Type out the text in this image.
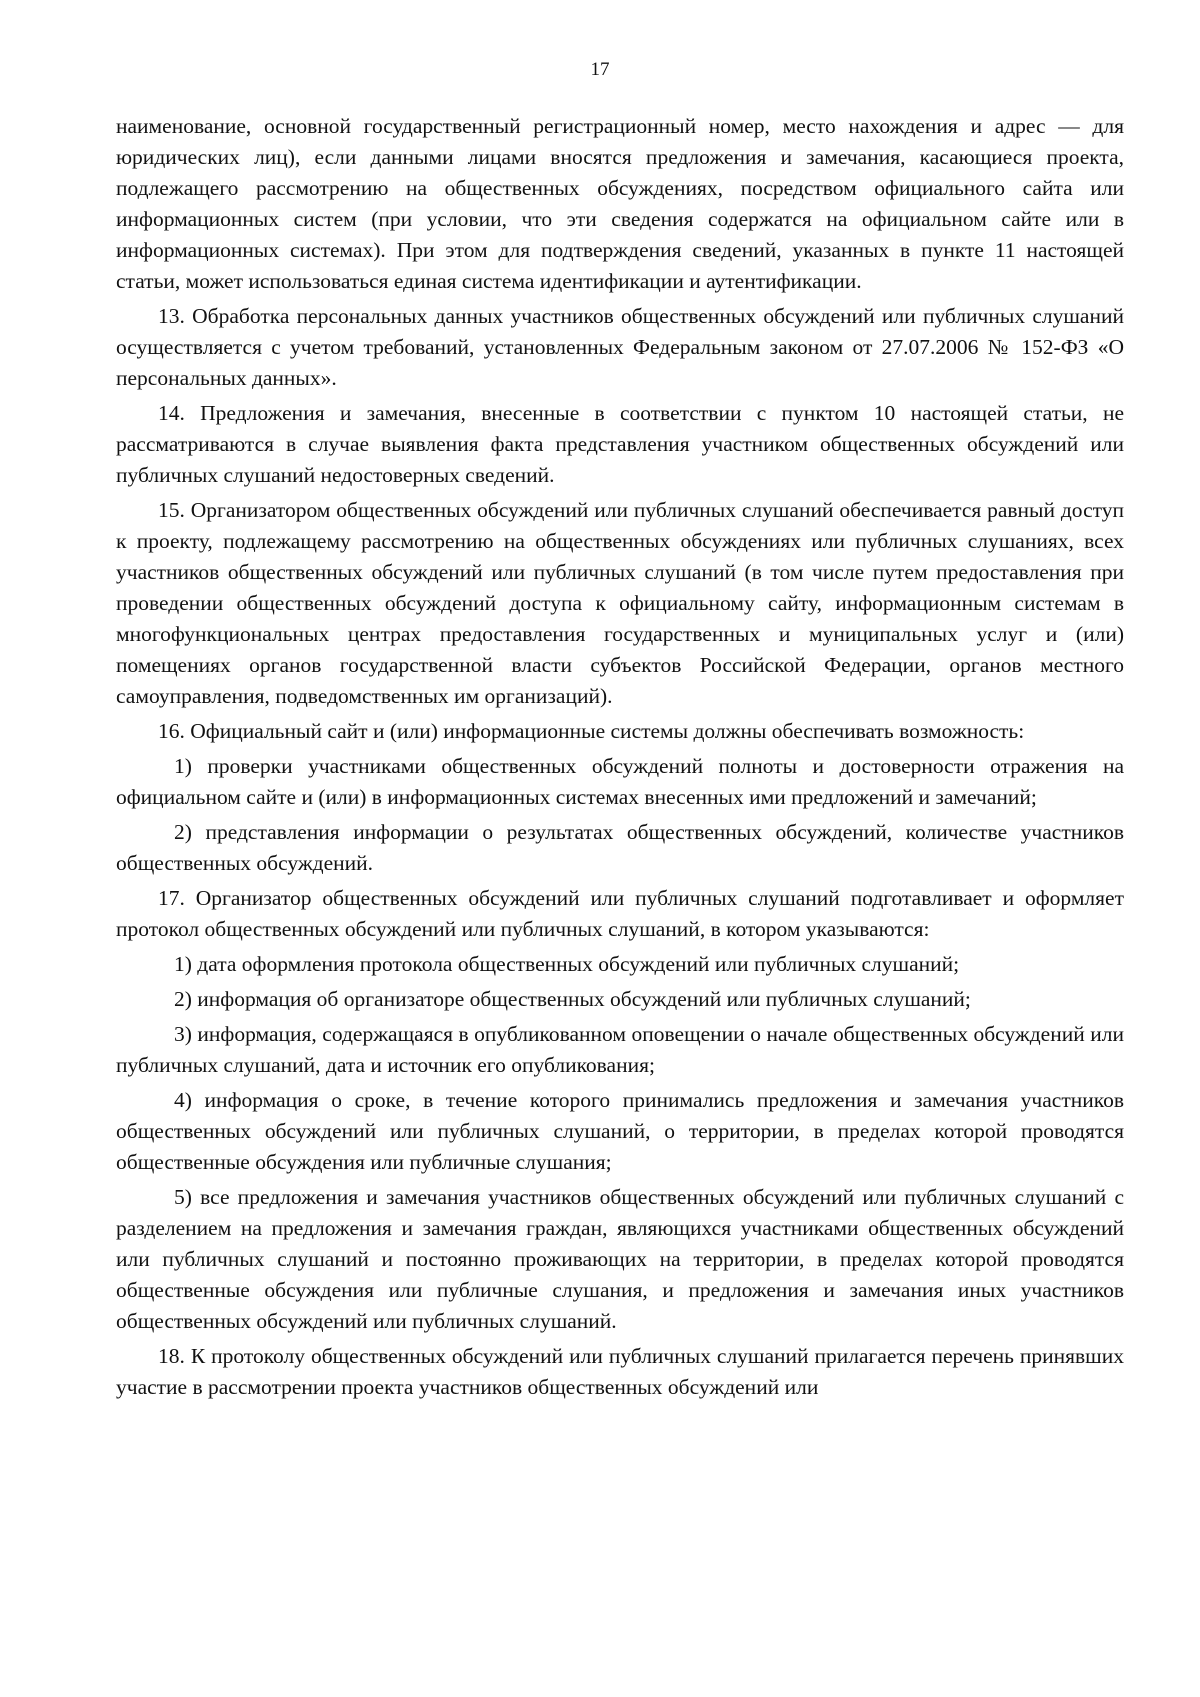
17

наименование, основной государственный регистрационный номер, место нахождения и адрес — для юридических лиц), если данными лицами вносятся предложения и замечания, касающиеся проекта, подлежащего рассмотрению на общественных обсуждениях, посредством официального сайта или информационных систем (при условии, что эти сведения содержатся на официальном сайте или в информационных системах). При этом для подтверждения сведений, указанных в пункте 11 настоящей статьи, может использоваться единая система идентификации и аутентификации.

13. Обработка персональных данных участников общественных обсуждений или публичных слушаний осуществляется с учетом требований, установленных Федеральным законом от 27.07.2006 № 152-ФЗ «О персональных данных».

14. Предложения и замечания, внесенные в соответствии с пунктом 10 настоящей статьи, не рассматриваются в случае выявления факта представления участником общественных обсуждений или публичных слушаний недостоверных сведений.

15. Организатором общественных обсуждений или публичных слушаний обеспечивается равный доступ к проекту, подлежащему рассмотрению на общественных обсуждениях или публичных слушаниях, всех участников общественных обсуждений или публичных слушаний (в том числе путем предоставления при проведении общественных обсуждений доступа к официальному сайту, информационным системам в многофункциональных центрах предоставления государственных и муниципальных услуг и (или) помещениях органов государственной власти субъектов Российской Федерации, органов местного самоуправления, подведомственных им организаций).

16. Официальный сайт и (или) информационные системы должны обеспечивать возможность:

1) проверки участниками общественных обсуждений полноты и достоверности отражения на официальном сайте и (или) в информационных системах внесенных ими предложений и замечаний;

2) представления информации о результатах общественных обсуждений, количестве участников общественных обсуждений.

17. Организатор общественных обсуждений или публичных слушаний подготавливает и оформляет протокол общественных обсуждений или публичных слушаний, в котором указываются:

1) дата оформления протокола общественных обсуждений или публичных слушаний;

2) информация об организаторе общественных обсуждений или публичных слушаний;

3) информация, содержащаяся в опубликованном оповещении о начале общественных обсуждений или публичных слушаний, дата и источник его опубликования;

4) информация о сроке, в течение которого принимались предложения и замечания участников общественных обсуждений или публичных слушаний, о территории, в пределах которой проводятся общественные обсуждения или публичные слушания;

5) все предложения и замечания участников общественных обсуждений или публичных слушаний с разделением на предложения и замечания граждан, являющихся участниками общественных обсуждений или публичных слушаний и постоянно проживающих на территории, в пределах которой проводятся общественные обсуждения или публичные слушания, и предложения и замечания иных участников общественных обсуждений или публичных слушаний.

18. К протоколу общественных обсуждений или публичных слушаний прилагается перечень принявших участие в рассмотрении проекта участников общественных обсуждений или
